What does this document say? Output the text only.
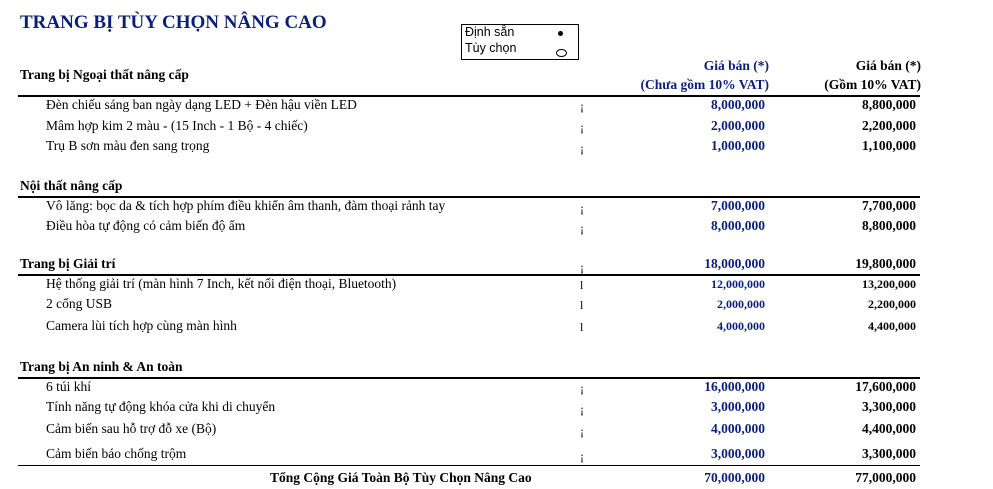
TRANG BỊ TÙY CHỌN NÂNG CAO	Định sẵn
Tùy chọn
Giá bán (*)
(Chưa gồm 10% VAT)
Giá bán (*)
(Gồm 10% VAT)
Trang bị Ngoại thất nâng cấp
Đèn chiếu sáng ban ngày dạng LED + Đèn hậu viền LED	¡	8,000,000	8,800,000
Mâm hợp kim 2 màu - (15 Inch - 1 Bộ - 4 chiếc)	¡	2,000,000	2,200,000
Trụ B sơn màu đen sang trọng	¡	1,000,000	1,100,000
Nội thất nâng cấp
Vô lăng: bọc da & tích hợp phím điều khiển âm thanh, đàm thoại rảnh tay	¡	7,000,000	7,700,000
Điều hòa tự động có cảm biến độ ẩm	¡	8,000,000	8,800,000
Trang bị Giải trí	¡	18,000,000	19,800,000
Hệ thống giải trí (màn hình 7 Inch, kết nối điện thoại, Bluetooth)	l	12,000,000	13,200,000
2 cổng USB	l	2,000,000	2,200,000
Camera lùi tích hợp cùng màn hình	l	4,000,000	4,400,000
Trang bị An ninh & An toàn
6 túi khí	¡	16,000,000	17,600,000
Tính năng tự động khóa cửa khi di chuyển	¡	3,000,000	3,300,000
Cảm biến sau hỗ trợ đỗ xe (Bộ)	¡	4,000,000	4,400,000
Cảm biến báo chống trộm	¡	3,000,000	3,300,000
Tổng Cộng Giá Toàn Bộ Tùy Chọn Nâng Cao	70,000,000	77,000,000
